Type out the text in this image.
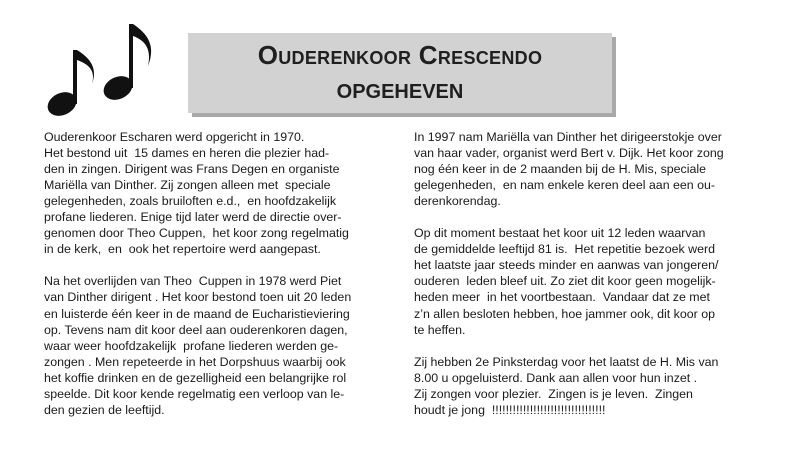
Ouderenkoor Crescendo
OPGEHEVEN
Ouderenkoor Escharen werd opgericht in 1970.
Het bestond uit  15 dames en heren die plezier had-
den in zingen. Dirigent was Frans Degen en organiste
Mariëlla van Dinther. Zij zongen alleen met  speciale
gelegenheden, zoals bruiloften e.d.,  en hoofdzakelijk
profane liederen. Enige tijd later werd de directie over-
genomen door Theo Cuppen,  het koor zong regelmatig
in de kerk,  en  ook het repertoire werd aangepast.
Na het overlijden van Theo  Cuppen in 1978 werd Piet
van Dinther dirigent . Het koor bestond toen uit 20 leden
en luisterde één keer in de maand de Eucharistieviering
op. Tevens nam dit koor deel aan ouderenkoren dagen,
waar weer hoofdzakelijk  profane liederen werden ge-
zongen . Men repeteerde in het Dorpshuus waarbij ook
het koffie drinken en de gezelligheid een belangrijke rol
speelde. Dit koor kende regelmatig een verloop van le-
den gezien de leeftijd.
In 1997 nam Mariëlla van Dinther het dirigeerstokje over
van haar vader, organist werd Bert v. Dijk. Het koor zong
nog één keer in de 2 maanden bij de H. Mis, speciale
gelegenheden,  en nam enkele keren deel aan een ou-
derenkorendag.
Op dit moment bestaat het koor uit 12 leden waarvan
de gemiddelde leeftijd 81 is.  Het repetitie bezoek werd
het laatste jaar steeds minder en aanwas van jongeren/
ouderen  leden bleef uit. Zo ziet dit koor geen mogelijk-
heden meer  in het voortbestaan.  Vandaar dat ze met
z’n allen besloten hebben, hoe jammer ook, dit koor op
te heffen.
Zij hebben 2e Pinksterdag voor het laatst de H. Mis van
8.00 u opgeluisterd. Dank aan allen voor hun inzet .
Zij zongen voor plezier.  Zingen is je leven.  Zingen
houdt je jong  !!!!!!!!!!!!!!!!!!!!!!!!!!!!!!!!!
